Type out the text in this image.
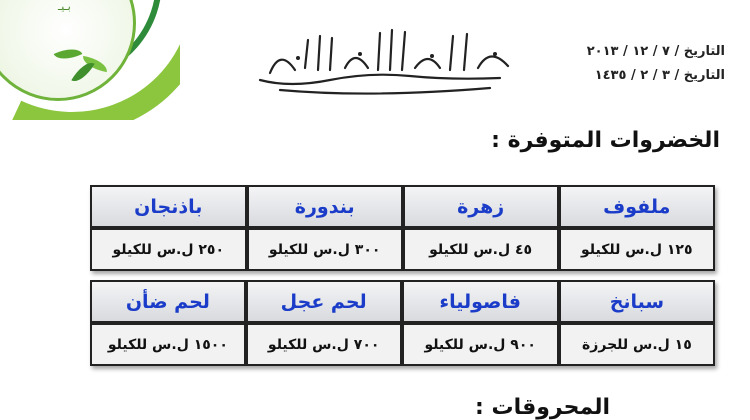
بـيـ
بسم الله الرحمن الرحيم
التاريخ / ٧ / ١٢ / ٢٠١٣
التاريخ / ٣ / ٢ / ١٤٣٥
الخضروات المتوفرة :
ملفوف	زهرة	بندورة	باذنجان
١٢٥ ل.س للكيلو	٤٥ ل.س للكيلو	٣٠٠ ل.س للكيلو	٢٥٠ ل.س للكيلو
سبانخ	فاصولياء	لحم عجل	لحم ضأن
١٥ ل.س للجرزة	٩٠٠ ل.س للكيلو	٧٠٠ ل.س للكيلو	١٥٠٠ ل.س للكيلو
المحروقات :
